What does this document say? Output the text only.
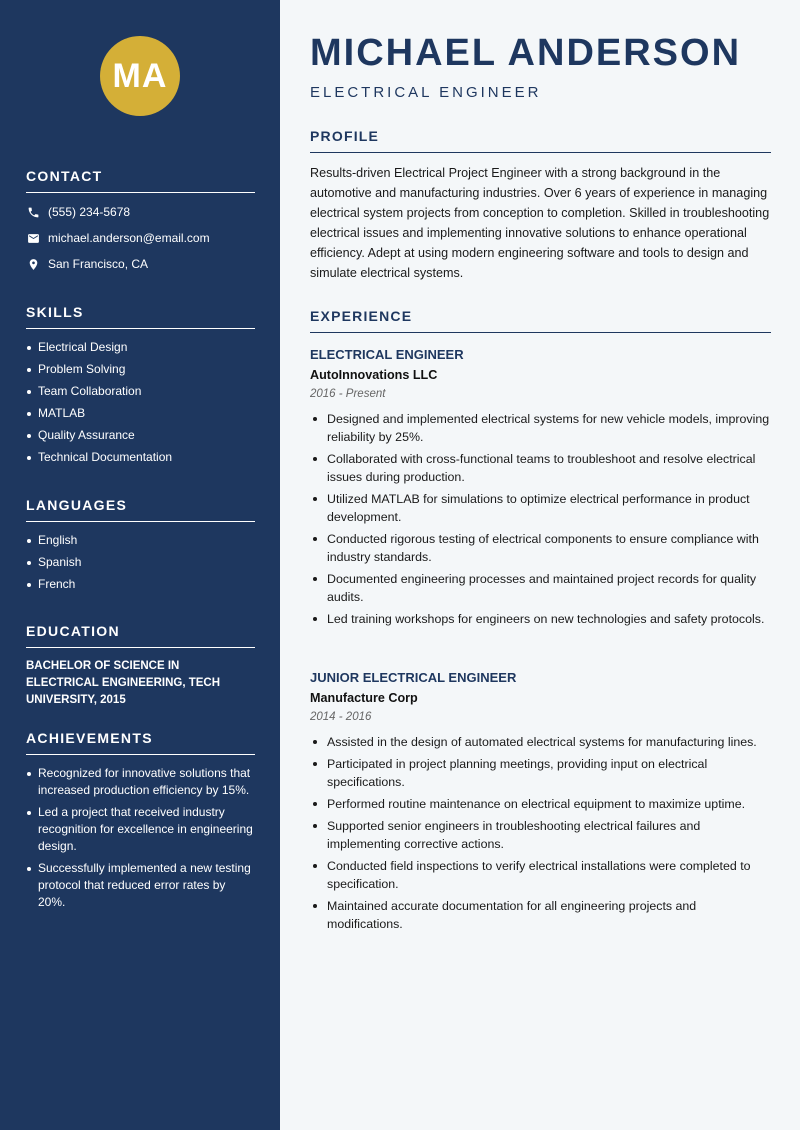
MA
CONTACT
(555) 234-5678
michael.anderson@email.com
San Francisco, CA
SKILLS
Electrical Design
Problem Solving
Team Collaboration
MATLAB
Quality Assurance
Technical Documentation
LANGUAGES
English
Spanish
French
EDUCATION

BACHELOR OF SCIENCE IN ELECTRICAL ENGINEERING, TECH UNIVERSITY, 2015

ACHIEVEMENTS
Recognized for innovative solutions that increased production efficiency by 15%.
Led a project that received industry recognition for excellence in engineering design.
Successfully implemented a new testing protocol that reduced error rates by 20%.
MICHAEL ANDERSON
ELECTRICAL ENGINEER
PROFILE

Results-driven Electrical Project Engineer with a strong background in the automotive and manufacturing industries. Over 6 years of experience in managing electrical system projects from conception to completion. Skilled in troubleshooting electrical issues and implementing innovative solutions to enhance operational efficiency. Adept at using modern engineering software and tools to design and simulate electrical systems.

EXPERIENCE
ELECTRICAL ENGINEER
AutoInnovations LLC
2016 - Present
Designed and implemented electrical systems for new vehicle models, improving reliability by 25%.
Collaborated with cross-functional teams to troubleshoot and resolve electrical issues during production.
Utilized MATLAB for simulations to optimize electrical performance in product development.
Conducted rigorous testing of electrical components to ensure compliance with industry standards.
Documented engineering processes and maintained project records for quality audits.
Led training workshops for engineers on new technologies and safety protocols.
JUNIOR ELECTRICAL ENGINEER
Manufacture Corp
2014 - 2016
Assisted in the design of automated electrical systems for manufacturing lines.
Participated in project planning meetings, providing input on electrical specifications.
Performed routine maintenance on electrical equipment to maximize uptime.
Supported senior engineers in troubleshooting electrical failures and implementing corrective actions.
Conducted field inspections to verify electrical installations were completed to specification.
Maintained accurate documentation for all engineering projects and modifications.
